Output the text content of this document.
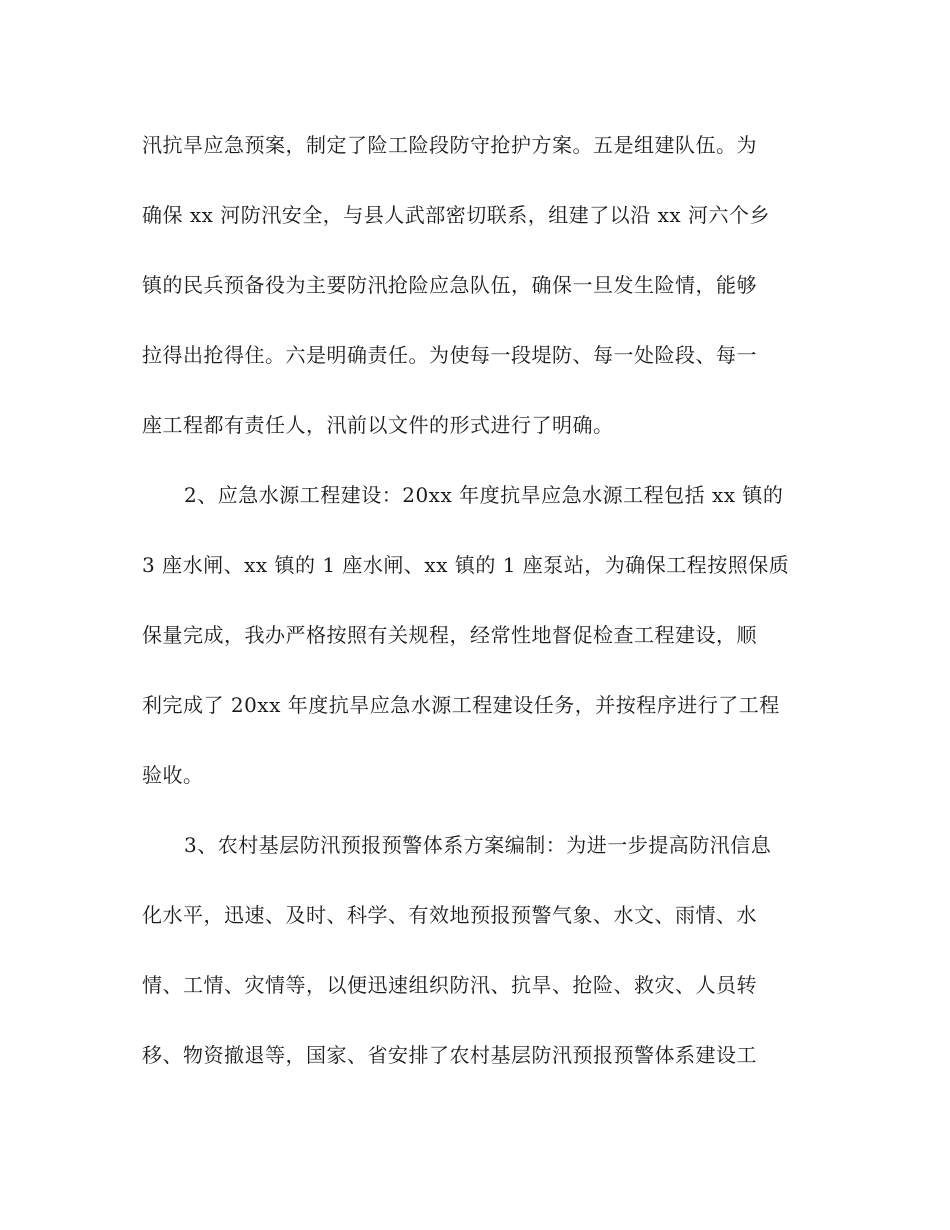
汛抗旱应急预案，制定了险工险段防守抢护方案。五是组建队伍。为
确保 xx 河防汛安全，与县人武部密切联系，组建了以沿 xx 河六个乡
镇的民兵预备役为主要防汛抢险应急队伍，确保一旦发生险情，能够
拉得出抢得住。六是明确责任。为使每一段堤防、每一处险段、每一
座工程都有责任人，汛前以文件的形式进行了明确。
2、应急水源工程建设：20xx 年度抗旱应急水源工程包括 xx 镇的
3 座水闸、xx 镇的 1 座水闸、xx 镇的 1 座泵站，为确保工程按照保质
保量完成，我办严格按照有关规程，经常性地督促检查工程建设，顺
利完成了 20xx 年度抗旱应急水源工程建设任务，并按程序进行了工程
验收。
3、农村基层防汛预报预警体系方案编制：为进一步提高防汛信息
化水平，迅速、及时、科学、有效地预报预警气象、水文、雨情、水
情、工情、灾情等，以便迅速组织防汛、抗旱、抢险、救灾、人员转
移、物资撤退等，国家、省安排了农村基层防汛预报预警体系建设工
